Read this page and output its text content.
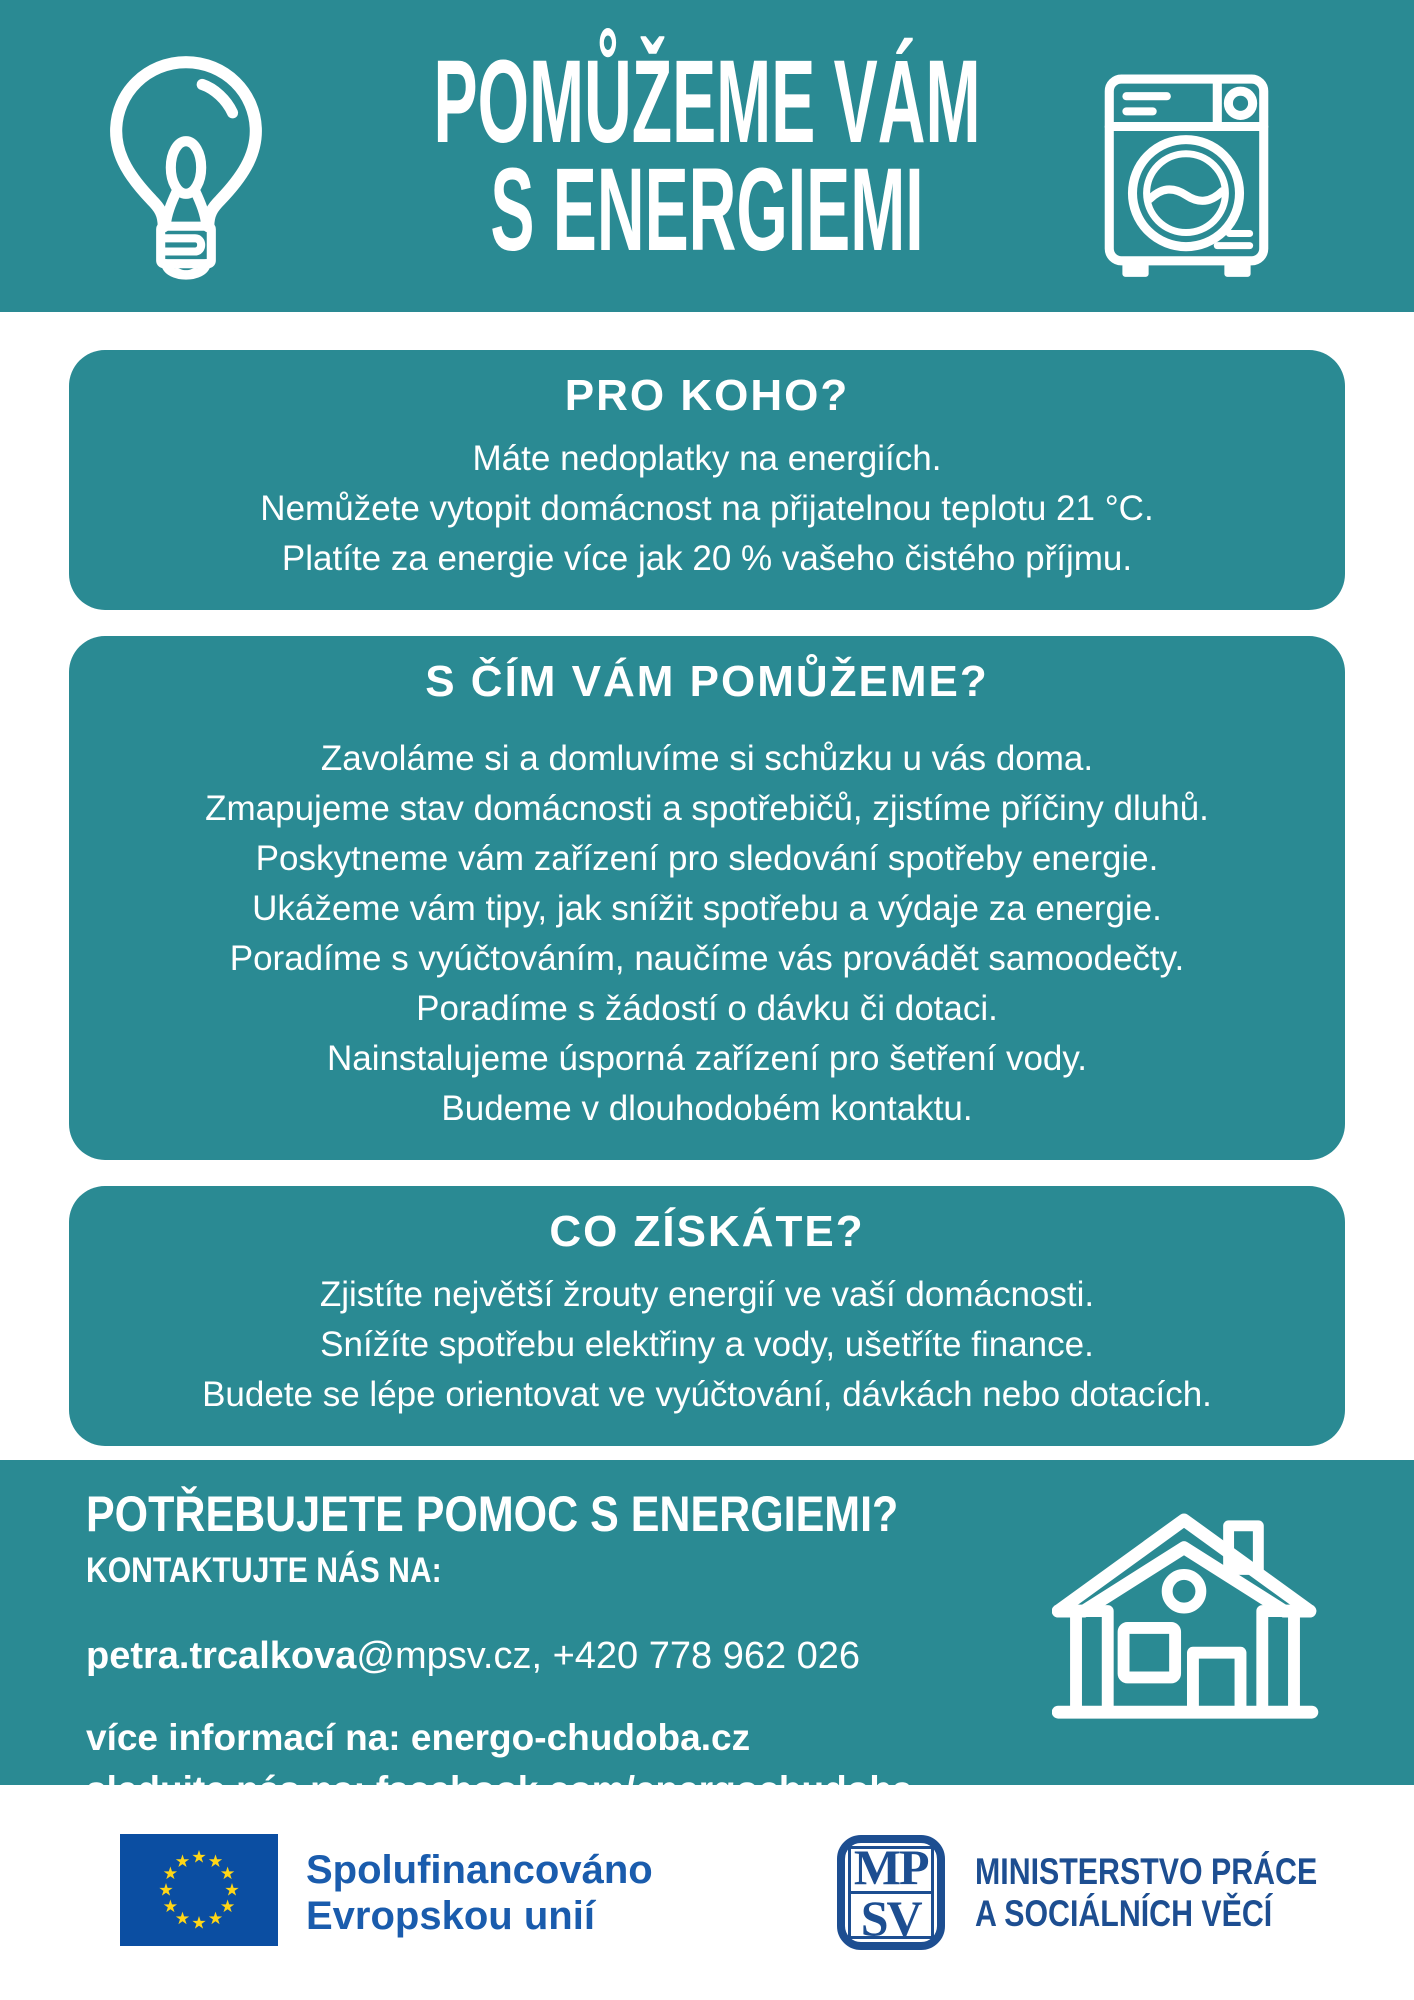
POMŮŽEME VÁM
S ENERGIEMI
PRO KOHO?

Máte nedoplatky na energiích.

Nemůžete vytopit domácnost na přijatelnou teplotu 21 °C.

Platíte za energie více jak 20 % vašeho čistého příjmu.

S ČÍM VÁM POMŮŽEME?

Zavoláme si a domluvíme si schůzku u vás doma.

Zmapujeme stav domácnosti a spotřebičů, zjistíme příčiny dluhů.

Poskytneme vám zařízení pro sledování spotřeby energie.

Ukážeme vám tipy, jak snížit spotřebu a výdaje za energie.

Poradíme s vyúčtováním, naučíme vás provádět samoodečty.

Poradíme s žádostí o dávku či dotaci.

Nainstalujeme úsporná zařízení pro šetření vody.

Budeme v dlouhodobém kontaktu.

CO ZÍSKÁTE?

Zjistíte největší žrouty energií ve vaší domácnosti.

Snížíte spotřebu elektřiny a vody, ušetříte finance.

Budete se lépe orientovat ve vyúčtování, dávkách nebo dotacích.

POTŘEBUJETE POMOC S ENERGIEMI?
KONTAKTUJTE NÁS NA:

petra.trcalkova@mpsv.cz, +420 778 962 026

více informací na: energo-chudoba.cz

sledujte nás na: facebook.com/energochudoba

Spolufinancováno
Evropskou unií
MP
SV
MINISTERSTVO PRÁCE
A SOCIÁLNÍCH VĚCÍ
